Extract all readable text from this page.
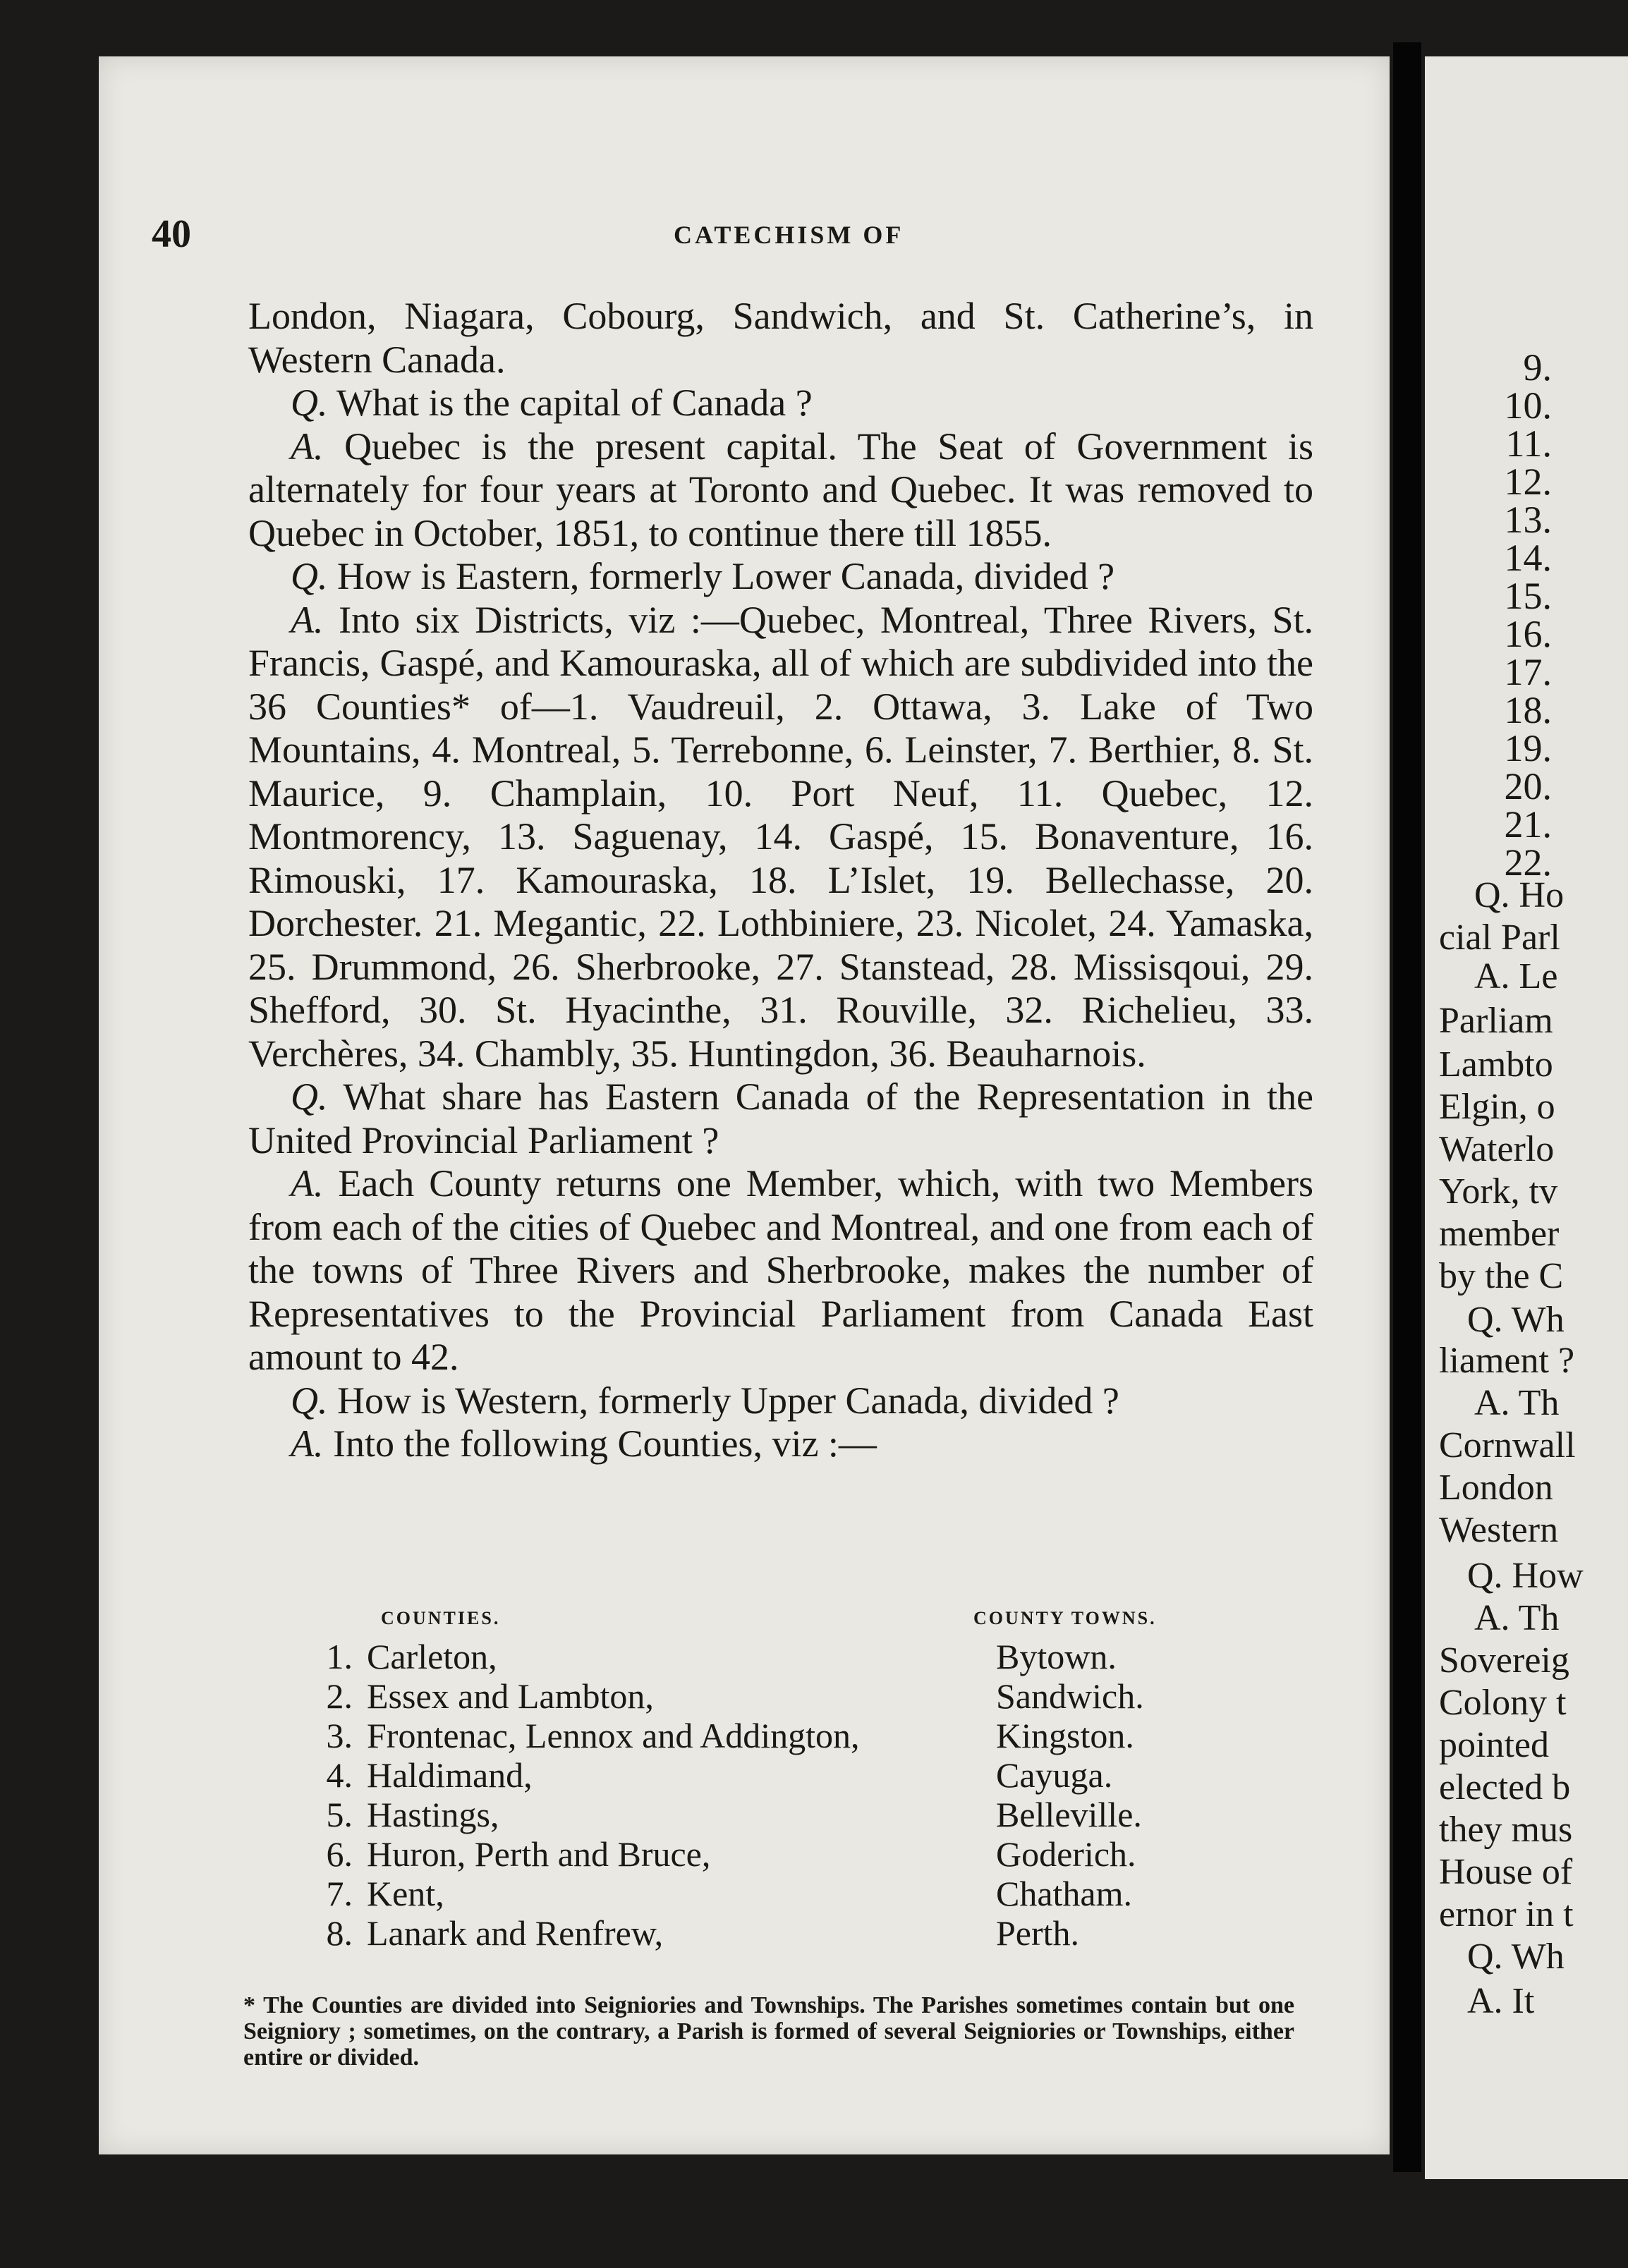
9.
10.
11.
12.
13.
14.
15.
16.
17.
18.
19.
20.
21.
22.
Q. Ho
cial Parl
A. Le
Parliam
Lambto
Elgin, o
Waterlo
York, tv
member
by the C
Q. Wh
liament ?
A. Th
Cornwall
London
Western
Q. How
A. Th
Sovereig
Colony t
pointed
elected b
they mus
House of
ernor in t
Q. Wh
A. It
40	CATECHISM OF

London, Niagara, Cobourg, Sandwich, and St. Catherine’s, in Western Canada.

Q. What is the capital of Canada ?

A. Quebec is the present capital. The Seat of Government is alternately for four years at Toronto and Quebec. It was removed to Quebec in October, 1851, to continue there till 1855.

Q. How is Eastern, formerly Lower Canada, divided ?

A. Into six Districts, viz :—Quebec, Montreal, Three Rivers, St. Francis, Gaspé, and Kamouraska, all of which are subdivided into the 36 Counties* of—1. Vaudreuil, 2. Ottawa, 3. Lake of Two Mountains, 4. Montreal, 5. Terrebonne, 6. Leinster, 7. Berthier, 8. St. Maurice, 9. Champlain, 10. Port Neuf, 11. Quebec, 12. Montmorency, 13. Saguenay, 14. Gaspé, 15. Bonaventure, 16. Rimouski, 17. Kamouraska, 18. L’Islet, 19. Bellechasse, 20. Dorchester. 21. Megantic, 22. Lothbiniere, 23. Nicolet, 24. Yamaska, 25. Drummond, 26. Sherbrooke, 27. Stanstead, 28. Missisqoui, 29. Shefford, 30. St. Hyacinthe, 31. Rouville, 32. Richelieu, 33. Verchères, 34. Chambly, 35. Huntingdon, 36. Beauharnois.

Q. What share has Eastern Canada of the Representation in the United Provincial Parliament ?

A. Each County returns one Member, which, with two Members from each of the cities of Quebec and Montreal, and one from each of the towns of Three Rivers and Sherbrooke, makes the number of Representatives to the Provincial Parliament from Canada East amount to 42.

Q. How is Western, formerly Upper Canada, divided ?

A. Into the following Counties, viz :—

COUNTIES.	COUNTY TOWNS.
1. Carleton,	Bytown.
2. Essex and Lambton,	Sandwich.
3. Frontenac, Lennox and Addington,	Kingston.
4. Haldimand,	Cayuga.
5. Hastings,	Belleville.
6. Huron, Perth and Bruce,	Goderich.
7. Kent,	Chatham.
8. Lanark and Renfrew,	Perth.
* The Counties are divided into Seigniories and Townships. The Parishes sometimes contain but one Seigniory ; sometimes, on the contrary, a Parish is formed of several Seigniories or Townships, either entire or divided.
